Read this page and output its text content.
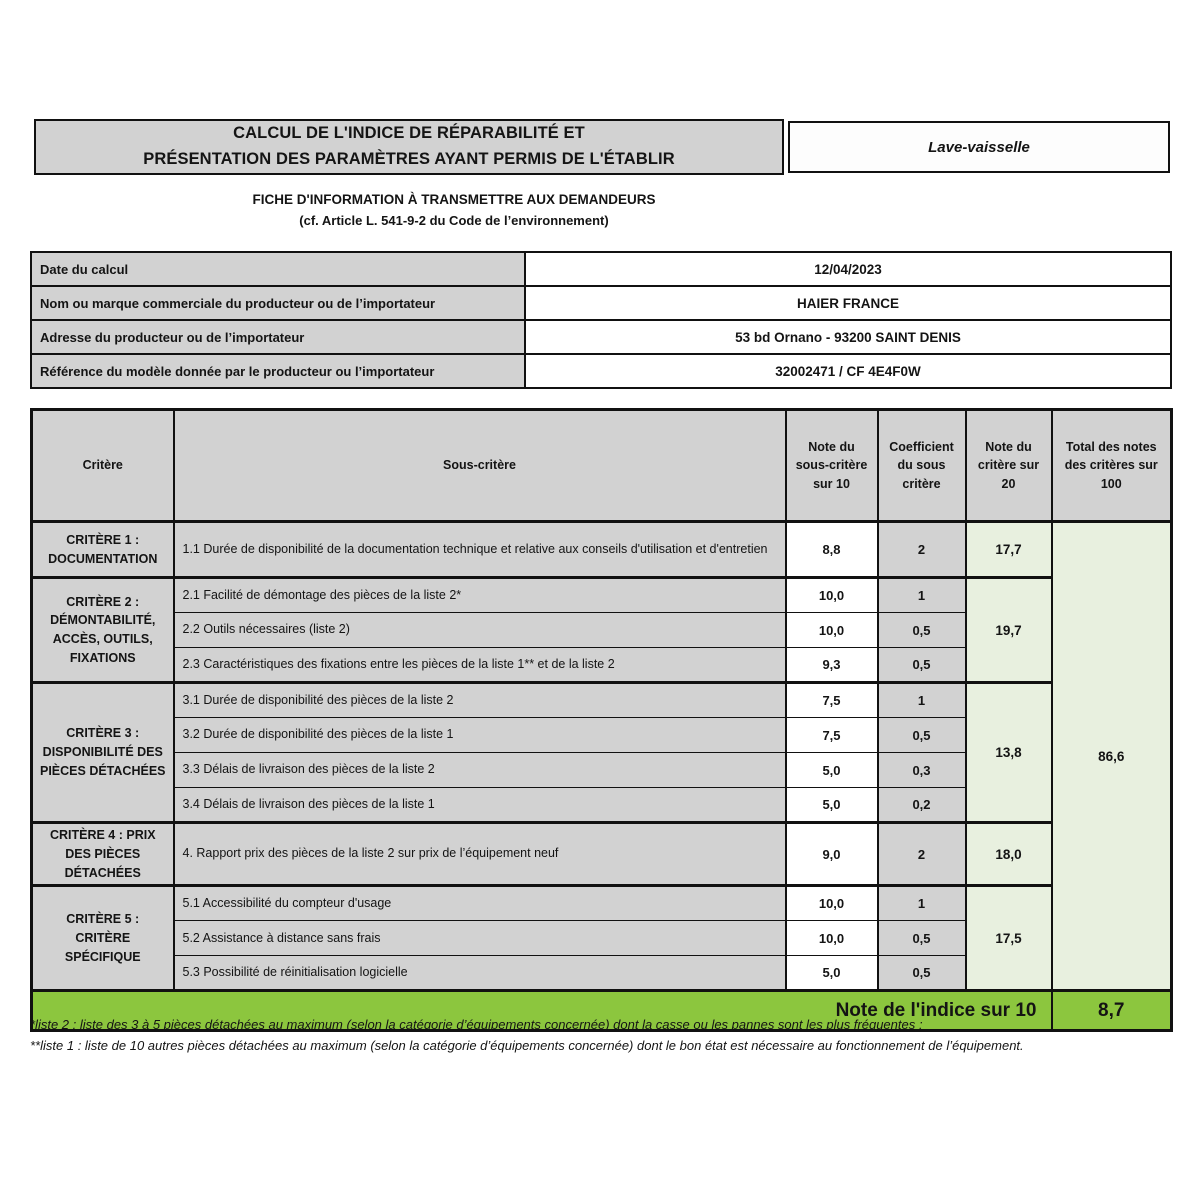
CALCUL DE L'INDICE DE RÉPARABILITÉ ET
PRÉSENTATION DES PARAMÈTRES AYANT PERMIS DE L'ÉTABLIR
Lave-vaisselle
FICHE D'INFORMATION À TRANSMETTRE AUX DEMANDEURS
(cf. Article L. 541-9-2 du Code de l’environnement)
Date du calcul	12/04/2023
Nom ou marque commerciale du producteur ou de l’importateur	HAIER FRANCE
Adresse du producteur ou de l’importateur	53 bd Ornano - 93200 SAINT DENIS
Référence du modèle donnée par le producteur ou l’importateur	32002471 / CF 4E4F0W
Critère	Sous-critère	Note du sous-critère sur 10	Coefficient du sous critère	Note du critère sur 20	Total des notes des critères sur 100
CRITÈRE 1 : DOCUMENTATION	1.1 Durée de disponibilité de la documentation technique et relative aux conseils d'utilisation et d'entretien	8,8	2	17,7	86,6
CRITÈRE 2 : DÉMONTABILITÉ, ACCÈS, OUTILS, FIXATIONS	2.1 Facilité de démontage des pièces de la liste 2*	10,0	1	19,7	
	2.2 Outils nécessaires (liste 2)	10,0	0,5		
	2.3 Caractéristiques des fixations entre les pièces de la liste 1** et de la liste 2	9,3	0,5		
CRITÈRE 3 : DISPONIBILITÉ DES PIÈCES DÉTACHÉES	3.1 Durée de disponibilité des pièces de la liste 2	7,5	1	13,8	
	3.2 Durée de disponibilité des pièces de la liste 1	7,5	0,5		
	3.3 Délais de livraison des pièces de la liste 2	5,0	0,3		
	3.4 Délais de livraison des pièces de la liste 1	5,0	0,2		
CRITÈRE 4 : PRIX DES PIÈCES DÉTACHÉES	4. Rapport prix des pièces de la liste 2 sur prix de l’équipement neuf	9,0	2	18,0	
CRITÈRE 5 : CRITÈRE SPÉCIFIQUE	5.1 Accessibilité du compteur d'usage	10,0	1	17,5	
	5.2 Assistance à distance sans frais	10,0	0,5		
	5.3 Possibilité de réinitialisation logicielle	5,0	0,5		
Note de l'indice sur 10					8,7
*liste 2 : liste des 3 à 5 pièces détachées au maximum (selon la catégorie d’équipements concernée) dont la casse ou les pannes sont les plus fréquentes ;
**liste 1 : liste de 10 autres pièces détachées au maximum (selon la catégorie d’équipements concernée) dont le bon état est nécessaire au fonctionnement de l’équipement.
